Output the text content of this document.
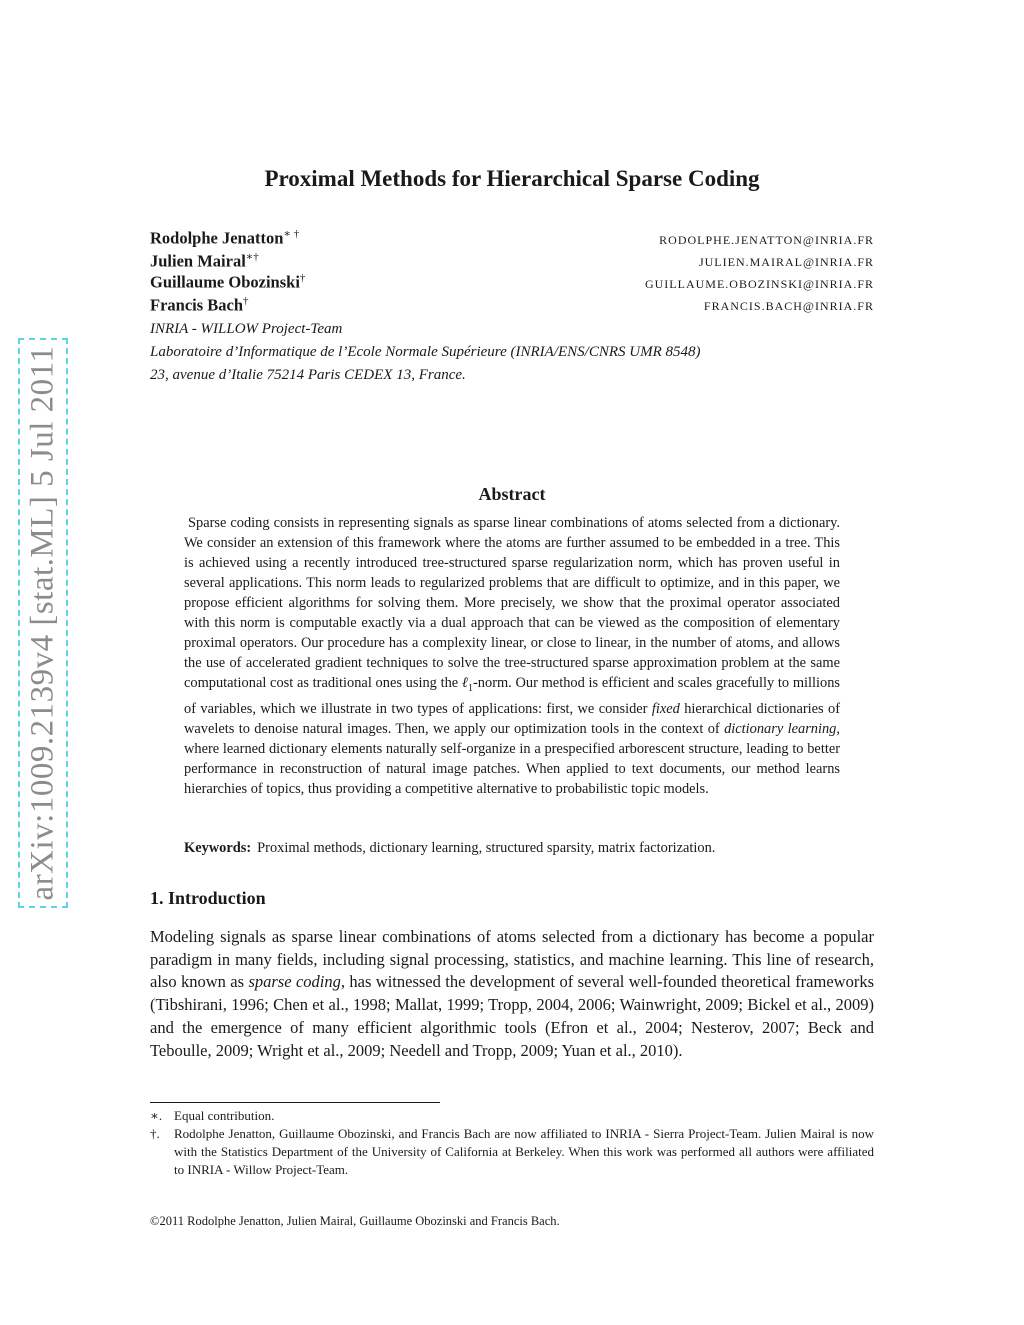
arXiv:1009.2139v4 [stat.ML] 5 Jul 2011
Proximal Methods for Hierarchical Sparse Coding
Rodolphe Jenatton∗ †	RODOLPHE.JENATTON@INRIA.FR
Julien Mairal∗†	JULIEN.MAIRAL@INRIA.FR
Guillaume Obozinski†	GUILLAUME.OBOZINSKI@INRIA.FR
Francis Bach†	FRANCIS.BACH@INRIA.FR
INRIA - WILLOW Project-Team
Laboratoire d’Informatique de l’Ecole Normale Supérieure (INRIA/ENS/CNRS UMR 8548)
23, avenue d’Italie 75214 Paris CEDEX 13, France.
Abstract

Sparse coding consists in representing signals as sparse linear combinations of atoms selected from a dictionary. We consider an extension of this framework where the atoms are further assumed to be embedded in a tree. This is achieved using a recently introduced tree-structured sparse regularization norm, which has proven useful in several applications. This norm leads to regularized problems that are difficult to optimize, and in this paper, we propose efficient algorithms for solving them. More precisely, we show that the proximal operator associated with this norm is computable exactly via a dual approach that can be viewed as the composition of elementary proximal operators. Our procedure has a complexity linear, or close to linear, in the number of atoms, and allows the use of accelerated gradient techniques to solve the tree-structured sparse approximation problem at the same computational cost as traditional ones using the ℓ$_1$-norm. Our method is efficient and scales gracefully to millions of variables, which we illustrate in two types of applications: first, we consider fixed hierarchical dictionaries of wavelets to denoise natural images. Then, we apply our optimization tools in the context of dictionary learning, where learned dictionary elements naturally self-organize in a prespecified arborescent structure, leading to better performance in reconstruction of natural image patches. When applied to text documents, our method learns hierarchies of topics, thus providing a competitive alternative to probabilistic topic models.

Keywords: Proximal methods, dictionary learning, structured sparsity, matrix factorization.
1. Introduction

Modeling signals as sparse linear combinations of atoms selected from a dictionary has become a popular paradigm in many fields, including signal processing, statistics, and machine learning. This line of research, also known as sparse coding, has witnessed the development of several well-founded theoretical frameworks (Tibshirani, 1996; Chen et al., 1998; Mallat, 1999; Tropp, 2004, 2006; Wainwright, 2009; Bickel et al., 2009) and the emergence of many efficient algorithmic tools (Efron et al., 2004; Nesterov, 2007; Beck and Teboulle, 2009; Wright et al., 2009; Needell and Tropp, 2009; Yuan et al., 2010).

∗. Equal contribution.
†.	Rodolphe Jenatton, Guillaume Obozinski, and Francis Bach are now affiliated to INRIA - Sierra Project-Team. Julien Mairal is now with the Statistics Department of the University of California at Berkeley. When this work was performed all authors were affiliated to INRIA - Willow Project-Team.
©2011 Rodolphe Jenatton, Julien Mairal, Guillaume Obozinski and Francis Bach.
